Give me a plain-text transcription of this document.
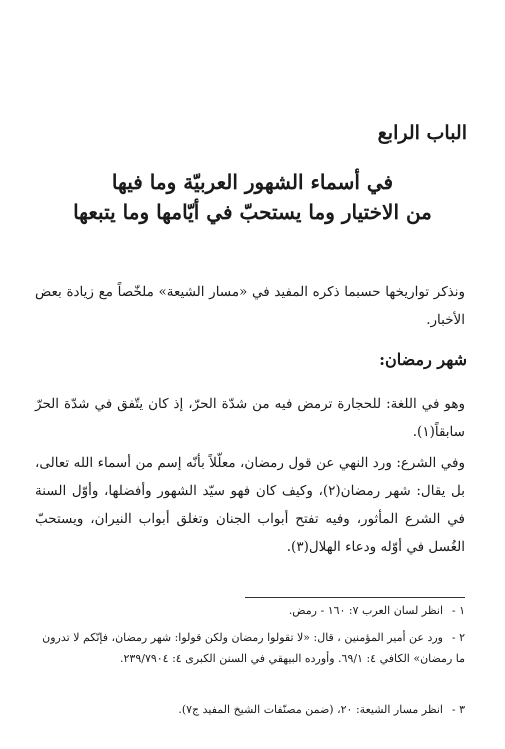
الباب الرابع
في أسماء الشهور العربيّة وما فيها
من الاختيار وما يستحبّ في أيّامها وما يتبعها

ونذكر تواريخها حسبما ذكره المفيد في «مسار الشيعة» ملخّصاً مع زيادة بعض الأخبار.

شهر رمضان:

وهو في اللغة: للحجارة ترمض فيه من شدّة الحرّ، إذ كان يتّفق في شدّة الحرّ سابقاً(١).

وفي الشرع: ورد النهي عن قول رمضان، معلّلاً بأنّه إسم من أسماء الله تعالى، بل يقال: شهر رمضان(٢)، وكيف كان فهو سيّد الشهور وأفضلها، وأوّل السنة في الشرع المأثور، وفيه تفتح أبواب الجنان وتغلق أبواب النيران، ويستحبّ الغُسل في أوّله ودعاء الهلال(٣).

١ -انظر لسان العرب ٧: ١٦٠ - رمض.
٢ -ورد عن أمير المؤمنين ، قال: «لا تقولوا رمضان ولكن قولوا: شهر رمضان، فإنّكم لا تدرون ما رمضان» الكافي ٤: ٦٩/١. وأورده البيهقي في السنن الكبرى ٤: ٢٣٩/٧٩٠٤.
٣ -انظر مسار الشيعة: ٢٠، (ضمن مصنّفات الشيخ المفيد ج٧).
